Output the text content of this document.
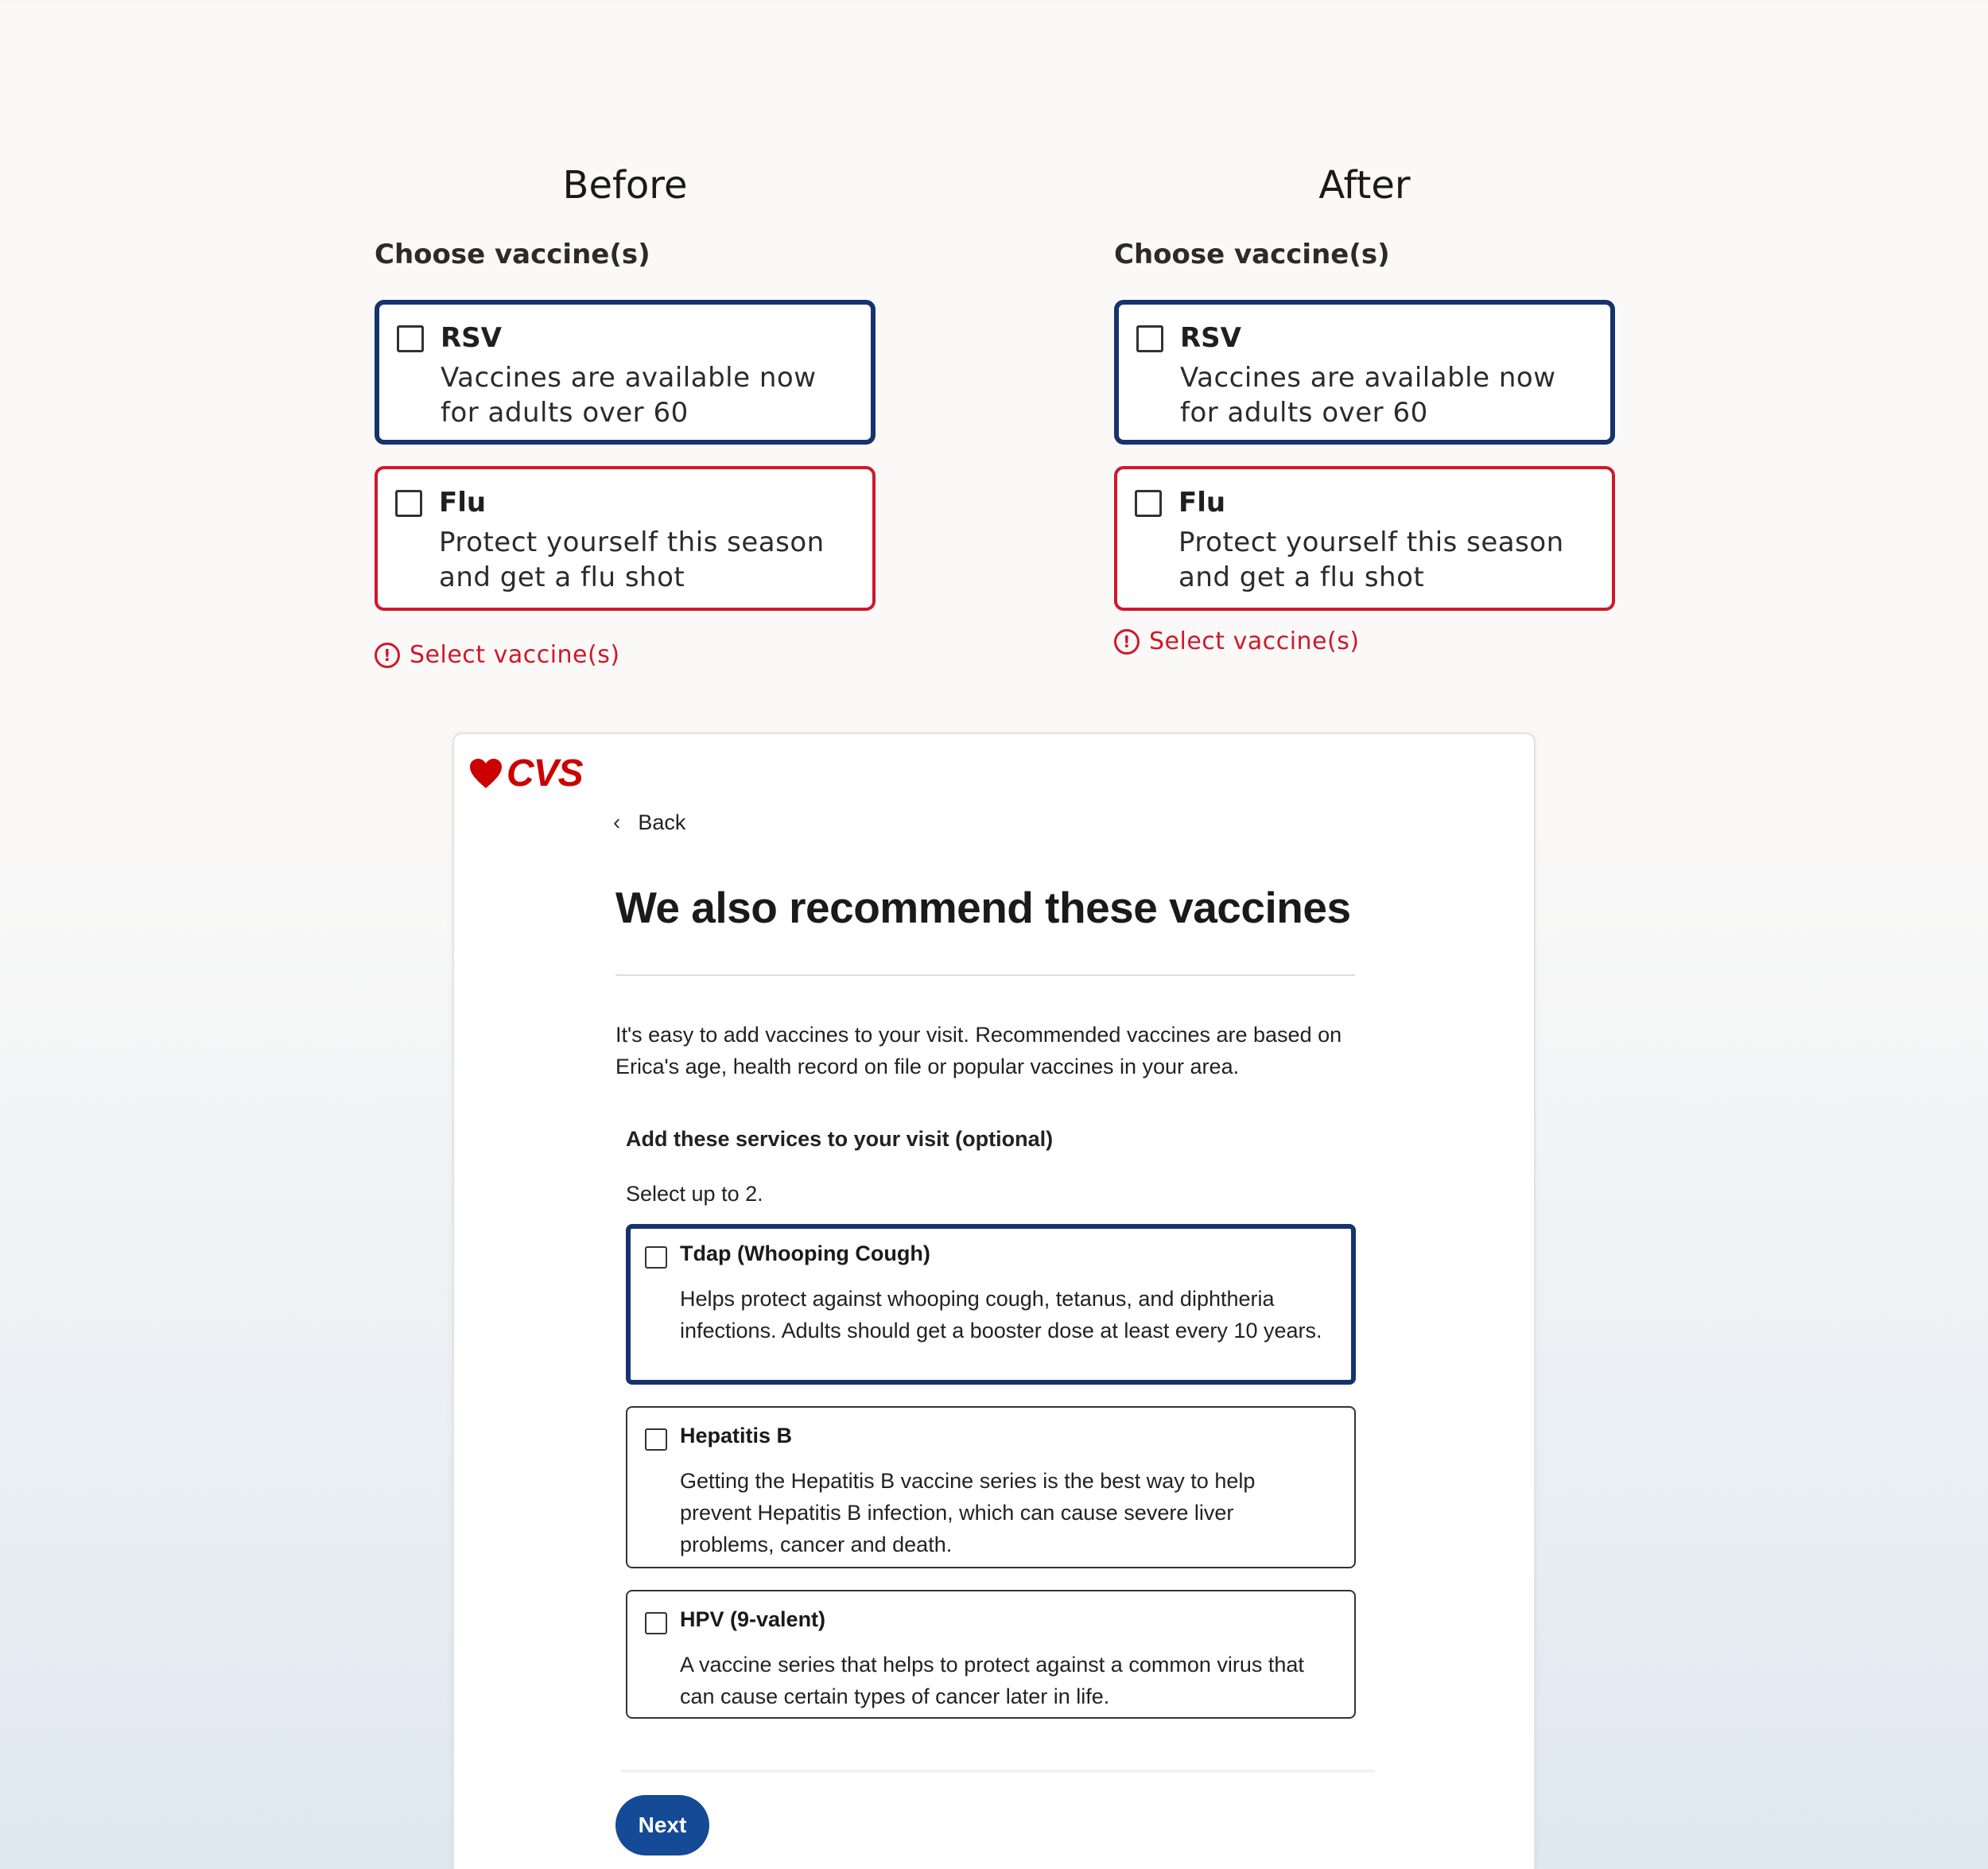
Before
Choose vaccine(s)
RSV
Vaccines are available now for adults over 60
Flu
Protect yourself this season and get a flu shot
! Select vaccine(s)
After
Choose vaccine(s)
RSV
Vaccines are available now for adults over 60
Flu
Protect yourself this season and get a flu shot
! Select vaccine(s)
CVS
‹ Back
We also recommend these vaccines
It's easy to add vaccines to your visit. Recommended vaccines are based on Erica's age, health record on file or popular vaccines in your area.
Add these services to your visit (optional)
Select up to 2.
Tdap (Whooping Cough)
Helps protect against whooping cough, tetanus, and diphtheria infections. Adults should get a booster dose at least every 10 years.
Hepatitis B
Getting the Hepatitis B vaccine series is the best way to help prevent Hepatitis B infection, which can cause severe liver problems, cancer and death.
HPV (9-valent)
A vaccine series that helps to protect against a common virus that can cause certain types of cancer later in life.
Next
